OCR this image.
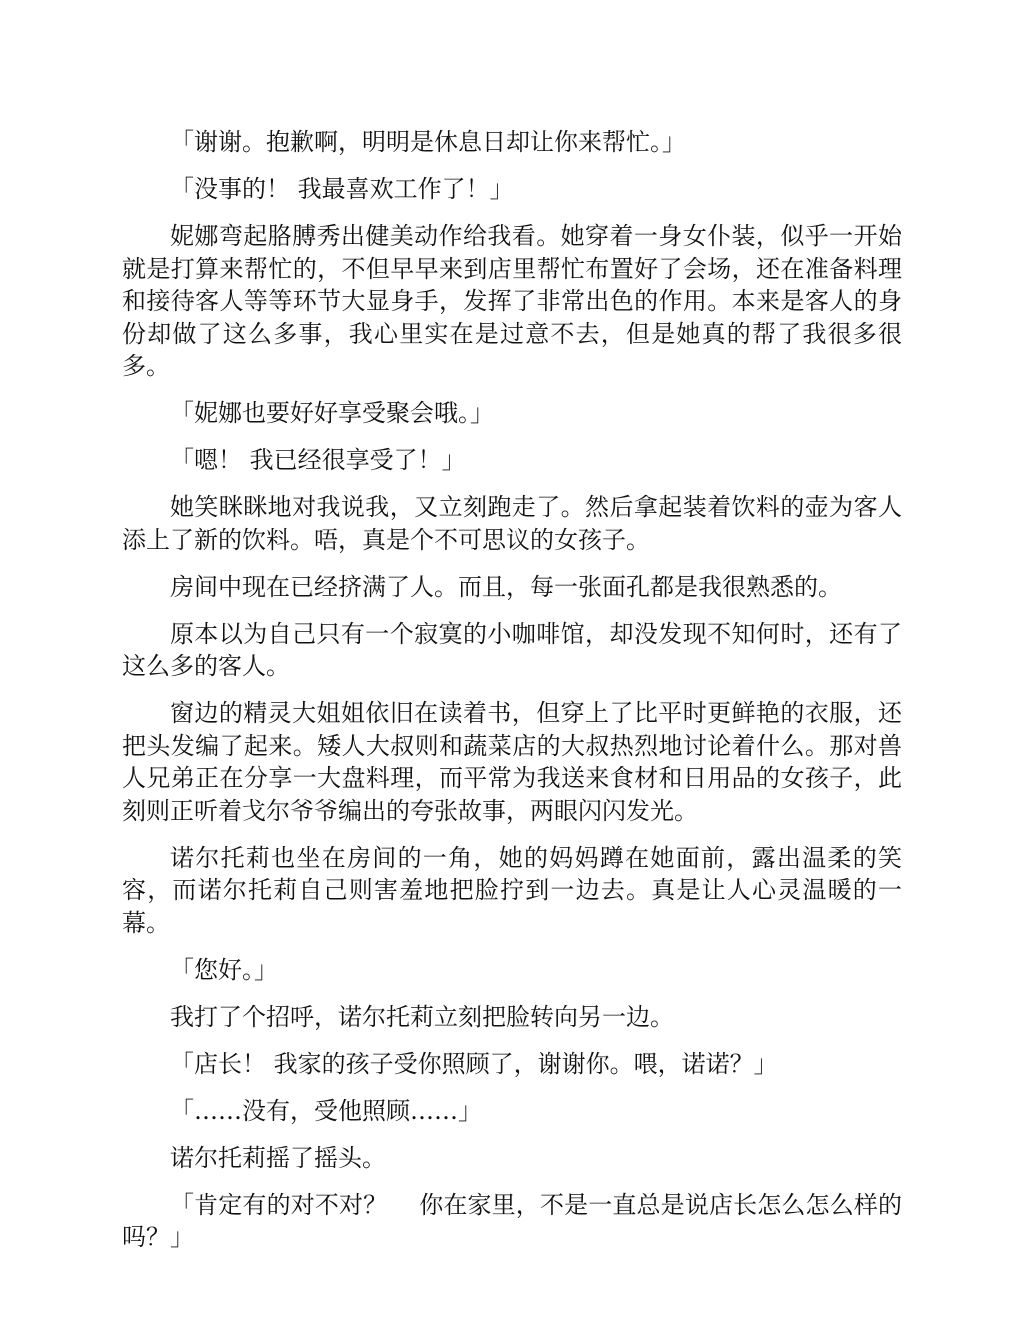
「谢谢。抱歉啊，明明是休息日却让你来帮忙。」

「没事的！ 我最喜欢工作了！」

妮娜弯起胳膊秀出健美动作给我看。她穿着一身女仆装，似乎一开始就是打算来帮忙的，不但早早来到店里帮忙布置好了会场，还在准备料理和接待客人等等环节大显身手，发挥了非常出色的作用。本来是客人的身份却做了这么多事，我心里实在是过意不去，但是她真的帮了我很多很多。

「妮娜也要好好享受聚会哦。」

「嗯！ 我已经很享受了！」

她笑眯眯地对我说我，又立刻跑走了。然后拿起装着饮料的壶为客人添上了新的饮料。唔，真是个不可思议的女孩子。

房间中现在已经挤满了人。而且，每一张面孔都是我很熟悉的。

原本以为自己只有一个寂寞的小咖啡馆，却没发现不知何时，还有了这么多的客人。

窗边的精灵大姐姐依旧在读着书，但穿上了比平时更鲜艳的衣服，还把头发编了起来。矮人大叔则和蔬菜店的大叔热烈地讨论着什么。那对兽人兄弟正在分享一大盘料理，而平常为我送来食材和日用品的女孩子，此刻则正听着戈尔爷爷编出的夸张故事，两眼闪闪发光。

诺尔托莉也坐在房间的一角，她的妈妈蹲在她面前，露出温柔的笑容，而诺尔托莉自己则害羞地把脸拧到一边去。真是让人心灵温暖的一幕。

「您好。」

我打了个招呼，诺尔托莉立刻把脸转向另一边。

「店长！ 我家的孩子受你照顾了，谢谢你。喂，诺诺？」

「……没有，受他照顾……」

诺尔托莉摇了摇头。

「肯定有的对不对？　 你在家里，不是一直总是说店长怎么怎么样的吗？」
